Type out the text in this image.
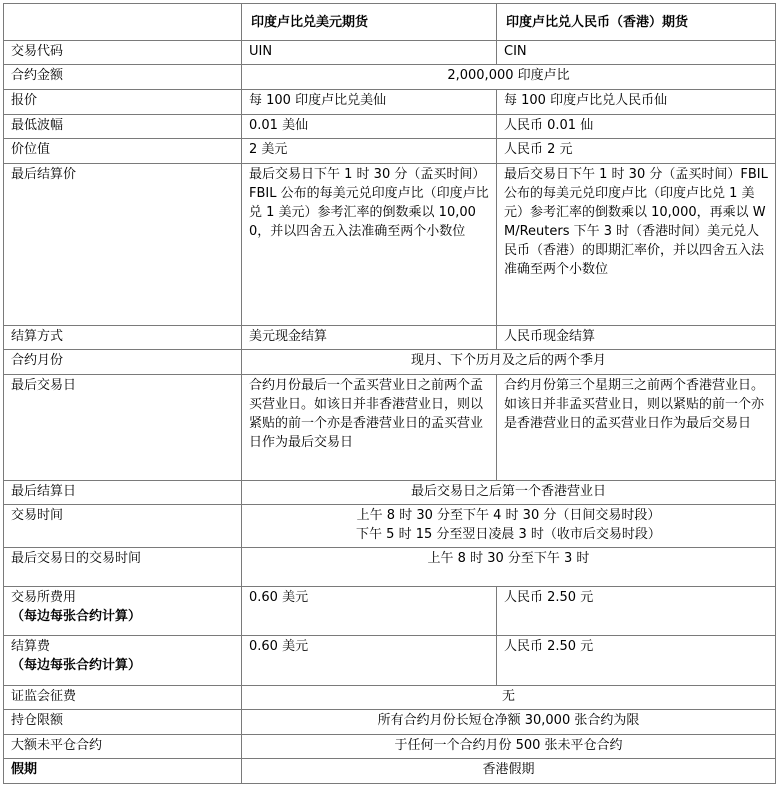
	印度卢比兑美元期货	印度卢比兑人民币（香港）期货
交易代码	UIN	CIN
合约金额	2,000,000 印度卢比	
报价	每 100 印度卢比兑美仙	每 100 印度卢比兑人民币仙
最低波幅	0.01 美仙	人民币 0.01 仙
价位值	2 美元	人民币 2 元
最后结算价	最后交易日下午 1 时 30 分（孟买时间）FBIL 公布的每美元兑印度卢比（印度卢比兑 1 美元）参考汇率的倒数乘以 10,000，并以四舍五入法准确至两个小数位	最后交易日下午 1 时 30 分（孟买时间）FBIL 公布的每美元兑印度卢比（印度卢比兑 1 美元）参考汇率的倒数乘以 10,000，再乘以 WM/Reuters 下午 3 时（香港时间）美元兑人民币（香港）的即期汇率价，并以四舍五入法准确至两个小数位
结算方式	美元现金结算	人民币现金结算
合约月份	现月、下个历月及之后的两个季月	
最后交易日	合约月份最后一个孟买营业日之前两个孟买营业日。如该日并非香港营业日，则以紧贴的前一个亦是香港营业日的孟买营业日作为最后交易日	合约月份第三个星期三之前两个香港营业日。如该日并非孟买营业日，则以紧贴的前一个亦是香港营业日的孟买营业日作为最后交易日
最后结算日	最后交易日之后第一个香港营业日	
交易时间	上午 8 时 30 分至下午 4 时 30 分（日间交易时段）
下午 5 时 15 分至翌日凌晨 3 时（收市后交易时段）	

最后交易日的交易时间	上午 8 时 30 分至下午 3 时	

交易所费用
（每边每张合约计算）	0.60 美元	人民币 2.50 元

结算费
（每边每张合约计算）	0.60 美元	人民币 2.50 元
证监会征费	无	
持仓限额	所有合约月份长短仓净额 30,000 张合约为限	
大额未平仓合约	于任何一个合约月份 500 张未平仓合约	
假期	香港假期	
